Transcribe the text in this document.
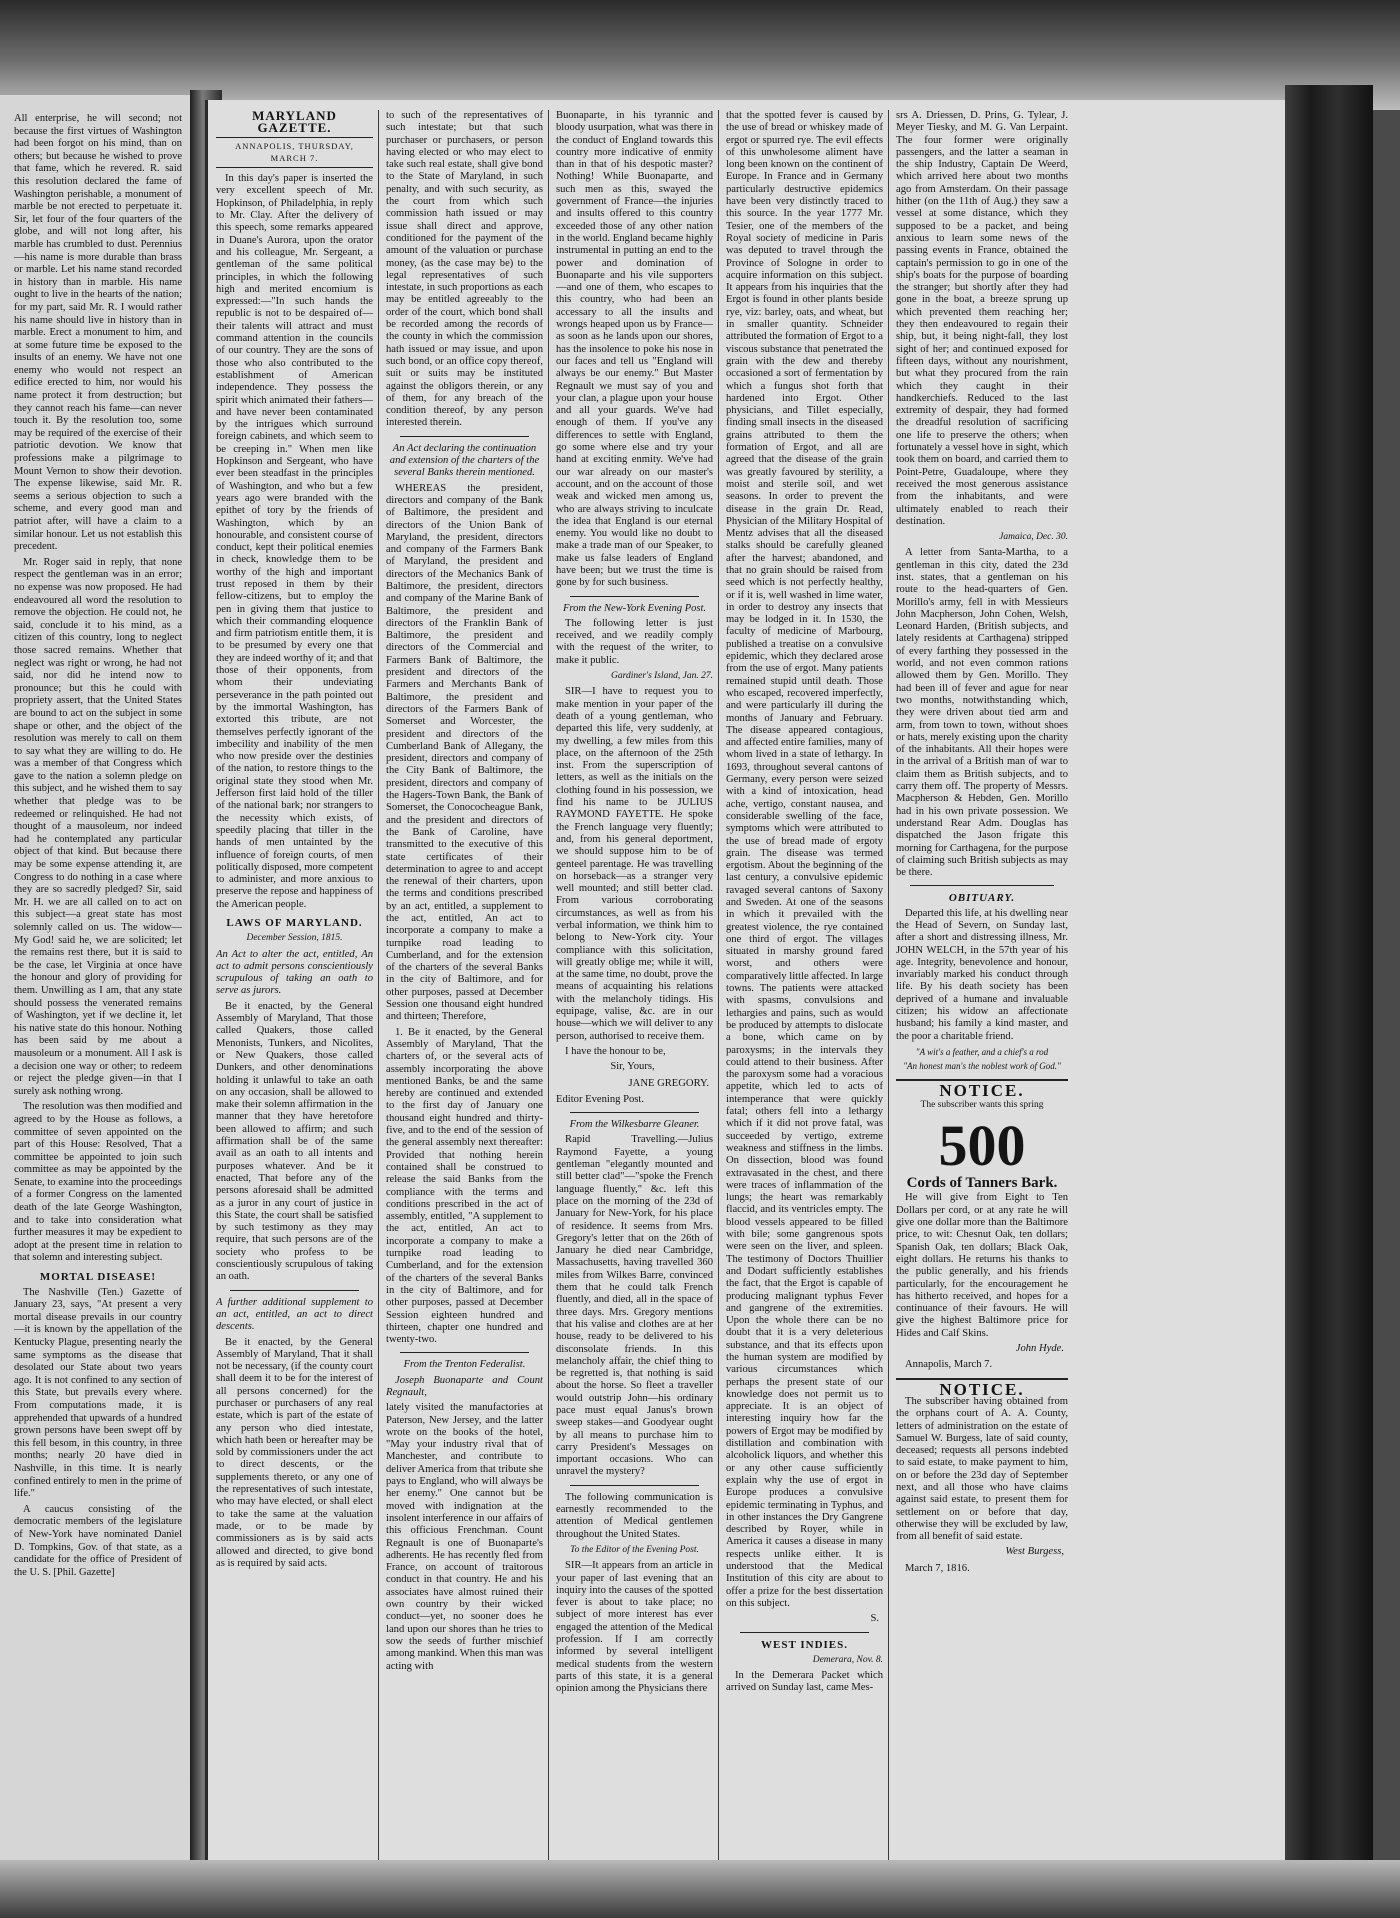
All enterprise, he will second; not because the first virtues of Washington had been forgot on his mind, than on others; but because he wished to prove that fame, which he revered. R. said this resolution declared the fame of Washington perishable, a monument of marble be not erected to perpetuate it. Sir, let four of the four quarters of the globe, and will not long after, his marble has crumbled to dust. Perennius—his name is more durable than brass or marble. Let his name stand recorded in history than in marble. His name ought to live in the hearts of the nation; for my part, said Mr. R. I would rather his name should live in history than in marble. Erect a monument to him, and at some future time be exposed to the insults of an enemy. We have not one enemy who would not respect an edifice erected to him, nor would his name protect it from destruction; but they cannot reach his fame—can never touch it. By the resolution too, some may be required of the exercise of their patriotic devotion. We know that professions make a pilgrimage to Mount Vernon to show their devotion. The expense likewise, said Mr. R. seems a serious objection to such a scheme, and every good man and patriot after, will have a claim to a similar honour. Let us not establish this precedent.

Mr. Roger said in reply, that none respect the gentleman was in an error; no expense was now proposed. He had endeavoured all word the resolution to remove the objection. He could not, he said, conclude it to his mind, as a citizen of this country, long to neglect those sacred remains. Whether that neglect was right or wrong, he had not said, nor did he intend now to pronounce; but this he could with propriety assert, that the United States are bound to act on the subject in some shape or other, and the object of the resolution was merely to call on them to say what they are willing to do. He was a member of that Congress which gave to the nation a solemn pledge on this subject, and he wished them to say whether that pledge was to be redeemed or relinquished. He had not thought of a mausoleum, nor indeed had he contemplated any particular object of that kind. But because there may be some expense attending it, are Congress to do nothing in a case where they are so sacredly pledged? Sir, said Mr. H. we are all called on to act on this subject—a great state has most solemnly called on us. The widow—My God! said he, we are solicited; let the remains rest there, but it is said to be the case, let Virginia at once have the honour and glory of providing for them. Unwilling as I am, that any state should possess the venerated remains of Washington, yet if we decline it, let his native state do this honour. Nothing has been said by me about a mausoleum or a monument. All I ask is a decision one way or other; to redeem or reject the pledge given—in that I surely ask nothing wrong.

The resolution was then modified and agreed to by the House as follows, a committee of seven appointed on the part of this House: Resolved, That a committee be appointed to join such committee as may be appointed by the Senate, to examine into the proceedings of a former Congress on the lamented death of the late George Washington, and to take into consideration what further measures it may be expedient to adopt at the present time in relation to that solemn and interesting subject.

MORTAL DISEASE!

The Nashville (Ten.) Gazette of January 23, says, "At present a very mortal disease prevails in our country—it is known by the appellation of the Kentucky Plague, presenting nearly the same symptoms as the disease that desolated our State about two years ago. It is not confined to any section of this State, but prevails every where. From computations made, it is apprehended that upwards of a hundred grown persons have been swept off by this fell besom, in this country, in three months; nearly 20 have died in Nashville, in this time. It is nearly confined entirely to men in the prime of life."

A caucus consisting of the democratic members of the legislature of New-York have nominated Daniel D. Tompkins, Gov. of that state, as a candidate for the office of President of the U. S. [Phil. Gazette]

MARYLAND GAZETTE.
ANNAPOLIS, THURSDAY, MARCH 7.

In this day's paper is inserted the very excellent speech of Mr. Hopkinson, of Philadelphia, in reply to Mr. Clay. After the delivery of this speech, some remarks appeared in Duane's Aurora, upon the orator and his colleague, Mr. Sergeant, a gentleman of the same political principles, in which the following high and merited encomium is expressed:—"In such hands the republic is not to be despaired of—their talents will attract and must command attention in the councils of our country. They are the sons of those who also contributed to the establishment of American independence. They possess the spirit which animated their fathers—and have never been contaminated by the intrigues which surround foreign cabinets, and which seem to be creeping in." When men like Hopkinson and Sergeant, who have ever been steadfast in the principles of Washington, and who but a few years ago were branded with the epithet of tory by the friends of Washington, which by an honourable, and consistent course of conduct, kept their political enemies in check, knowledge them to be worthy of the high and important trust reposed in them by their fellow-citizens, but to employ the pen in giving them that justice to which their commanding eloquence and firm patriotism entitle them, it is to be presumed by every one that they are indeed worthy of it; and that those of their opponents, from whom their undeviating perseverance in the path pointed out by the immortal Washington, has extorted this tribute, are not themselves perfectly ignorant of the imbecility and inability of the men who now preside over the destinies of the nation, to restore things to the original state they stood when Mr. Jefferson first laid hold of the tiller of the national bark; nor strangers to the necessity which exists, of speedily placing that tiller in the hands of men untainted by the influence of foreign courts, of men politically disposed, more competent to administer, and more anxious to preserve the repose and happiness of the American people.

LAWS OF MARYLAND.
December Session, 1815.

An Act to alter the act, entitled, An act to admit persons conscientiously scrupulous of taking an oath to serve as jurors.

Be it enacted, by the General Assembly of Maryland, That those called Quakers, those called Menonists, Tunkers, and Nicolites, or New Quakers, those called Dunkers, and other denominations holding it unlawful to take an oath on any occasion, shall be allowed to make their solemn affirmation in the manner that they have heretofore been allowed to affirm; and such affirmation shall be of the same avail as an oath to all intents and purposes whatever. And be it enacted, That before any of the persons aforesaid shall be admitted as a juror in any court of justice in this State, the court shall be satisfied by such testimony as they may require, that such persons are of the society who profess to be conscientiously scrupulous of taking an oath.

A further additional supplement to an act, entitled, an act to direct descents.

Be it enacted, by the General Assembly of Maryland, That it shall not be necessary, (if the county court shall deem it to be for the interest of all persons concerned) for the purchaser or purchasers of any real estate, which is part of the estate of any person who died intestate, which hath been or hereafter may be sold by commissioners under the act to direct descents, or the supplements thereto, or any one of the representatives of such intestate, who may have elected, or shall elect to take the same at the valuation made, or to be made by commissioners as is by said acts allowed and directed, to give bond as is required by said acts.

to such of the representatives of such intestate; but that such purchaser or purchasers, or person having elected or who may elect to take such real estate, shall give bond to the State of Maryland, in such penalty, and with such security, as the court from which such commission hath issued or may issue shall direct and approve, conditioned for the payment of the amount of the valuation or purchase money, (as the case may be) to the legal representatives of such intestate, in such proportions as each may be entitled agreeably to the order of the court, which bond shall be recorded among the records of the county in which the commission hath issued or may issue, and upon such bond, or an office copy thereof, suit or suits may be instituted against the obligors therein, or any of them, for any breach of the condition thereof, by any person interested therein.

An Act declaring the continuation and extension of the charters of the several Banks therein mentioned.

WHEREAS the president, directors and company of the Bank of Baltimore, the president and directors of the Union Bank of Maryland, the president, directors and company of the Farmers Bank of Maryland, the president and directors of the Mechanics Bank of Baltimore, the president, directors and company of the Marine Bank of Baltimore, the president and directors of the Franklin Bank of Baltimore, the president and directors of the Commercial and Farmers Bank of Baltimore, the president and directors of the Farmers and Merchants Bank of Baltimore, the president and directors of the Farmers Bank of Somerset and Worcester, the president and directors of the Cumberland Bank of Allegany, the president, directors and company of the City Bank of Baltimore, the president, directors and company of the Hagers-Town Bank, the Bank of Somerset, the Conococheague Bank, and the president and directors of the Bank of Caroline, have transmitted to the executive of this state certificates of their determination to agree to and accept the renewal of their charters, upon the terms and conditions prescribed by an act, entitled, a supplement to the act, entitled, An act to incorporate a company to make a turnpike road leading to Cumberland, and for the extension of the charters of the several Banks in the city of Baltimore, and for other purposes, passed at December Session one thousand eight hundred and thirteen; Therefore,

1. Be it enacted, by the General Assembly of Maryland, That the charters of, or the several acts of assembly incorporating the above mentioned Banks, be and the same hereby are continued and extended to the first day of January one thousand eight hundred and thirty-five, and to the end of the session of the general assembly next thereafter: Provided that nothing herein contained shall be construed to release the said Banks from the compliance with the terms and conditions prescribed in the act of assembly, entitled, "A supplement to the act, entitled, An act to incorporate a company to make a turnpike road leading to Cumberland, and for the extension of the charters of the several Banks in the city of Baltimore, and for other purposes, passed at December Session eighteen hundred and thirteen, chapter one hundred and twenty-two.

From the Trenton Federalist.

Joseph Buonaparte and Count Regnault,

lately visited the manufactories at Paterson, New Jersey, and the latter wrote on the books of the hotel, "May your industry rival that of Manchester, and contribute to deliver America from that tribute she pays to England, who will always be her enemy." One cannot but be moved with indignation at the insolent interference in our affairs of this officious Frenchman. Count Regnault is one of Buonaparte's adherents. He has recently fled from France, on account of traitorous conduct in that country. He and his associates have almost ruined their own country by their wicked conduct—yet, no sooner does he land upon our shores than he tries to sow the seeds of further mischief among mankind. When this man was acting with

Buonaparte, in his tyrannic and bloody usurpation, what was there in the conduct of England towards this country more indicative of enmity than in that of his despotic master? Nothing! While Buonaparte, and such men as this, swayed the government of France—the injuries and insults offered to this country exceeded those of any other nation in the world. England became highly instrumental in putting an end to the power and domination of Buonaparte and his vile supporters—and one of them, who escapes to this country, who had been an accessary to all the insults and wrongs heaped upon us by France—as soon as he lands upon our shores, has the insolence to poke his nose in our faces and tell us "England will always be our enemy." But Master Regnault we must say of you and your clan, a plague upon your house and all your guards. We've had enough of them. If you've any differences to settle with England, go some where else and try your hand at exciting enmity. We've had our war already on our master's account, and on the account of those weak and wicked men among us, who are always striving to inculcate the idea that England is our eternal enemy. You would like no doubt to make a trade man of our Speaker, to make us false leaders of England have been; but we trust the time is gone by for such business.

From the New-York Evening Post.

The following letter is just received, and we readily comply with the request of the writer, to make it public.

Gardiner's Island, Jan. 27.

SIR—I have to request you to make mention in your paper of the death of a young gentleman, who departed this life, very suddenly, at my dwelling, a few miles from this place, on the afternoon of the 25th inst. From the superscription of letters, as well as the initials on the clothing found in his possession, we find his name to be JULIUS RAYMOND FAYETTE. He spoke the French language very fluently; and, from his general deportment, we should suppose him to be of genteel parentage. He was travelling on horseback—as a stranger very well mounted; and still better clad. From various corroborating circumstances, as well as from his verbal information, we think him to belong to New-York city. Your compliance with this solicitation, will greatly oblige me; while it will, at the same time, no doubt, prove the means of acquainting his relations with the melancholy tidings. His equipage, valise, &c. are in our house—which we will deliver to any person, authorised to receive them.

I have the honour to be,

Sir, Yours,
JANE GREGORY.

Editor Evening Post.

From the Wilkesbarre Gleaner.

Rapid Travelling.—Julius Raymond Fayette, a young gentleman "elegantly mounted and still better clad"—"spoke the French language fluently," &c. left this place on the morning of the 23d of January for New-York, for his place of residence. It seems from Mrs. Gregory's letter that on the 26th of January he died near Cambridge, Massachusetts, having travelled 360 miles from Wilkes Barre, convinced them that he could talk French fluently, and died, all in the space of three days. Mrs. Gregory mentions that his valise and clothes are at her house, ready to be delivered to his disconsolate friends. In this melancholy affair, the chief thing to be regretted is, that nothing is said about the horse. So fleet a traveller would outstrip John—his ordinary pace must equal Janus's brown sweep stakes—and Goodyear ought by all means to purchase him to carry President's Messages on important occasions. Who can unravel the mystery?

The following communication is earnestly recommended to the attention of Medical gentlemen throughout the United States.

To the Editor of the Evening Post.

SIR—It appears from an article in your paper of last evening that an inquiry into the causes of the spotted fever is about to take place; no subject of more interest has ever engaged the attention of the Medical profession. If I am correctly informed by several intelligent medical students from the western parts of this state, it is a general opinion among the Physicians there

that the spotted fever is caused by the use of bread or whiskey made of ergot or spurred rye. The evil effects of this unwholesome aliment have long been known on the continent of Europe. In France and in Germany particularly destructive epidemics have been very distinctly traced to this source. In the year 1777 Mr. Tesier, one of the members of the Royal society of medicine in Paris was deputed to travel through the Province of Sologne in order to acquire information on this subject. It appears from his inquiries that the Ergot is found in other plants beside rye, viz: barley, oats, and wheat, but in smaller quantity. Schneider attributed the formation of Ergot to a viscous substance that penetrated the grain with the dew and thereby occasioned a sort of fermentation by which a fungus shot forth that hardened into Ergot. Other physicians, and Tillet especially, finding small insects in the diseased grains attributed to them the formation of Ergot, and all are agreed that the disease of the grain was greatly favoured by sterility, a moist and sterile soil, and wet seasons. In order to prevent the disease in the grain Dr. Read, Physician of the Military Hospital of Mentz advises that all the diseased stalks should be carefully gleaned after the harvest; abandoned, and that no grain should be raised from seed which is not perfectly healthy, or if it is, well washed in lime water, in order to destroy any insects that may be lodged in it. In 1530, the faculty of medicine of Marbourg, published a treatise on a convulsive epidemic, which they declared arose from the use of ergot. Many patients remained stupid until death. Those who escaped, recovered imperfectly, and were particularly ill during the months of January and February. The disease appeared contagious, and affected entire families, many of whom lived in a state of lethargy. In 1693, throughout several cantons of Germany, every person were seized with a kind of intoxication, head ache, vertigo, constant nausea, and considerable swelling of the face, symptoms which were attributed to the use of bread made of ergoty grain. The disease was termed ergotism. About the beginning of the last century, a convulsive epidemic ravaged several cantons of Saxony and Sweden. At one of the seasons in which it prevailed with the greatest violence, the rye contained one third of ergot. The villages situated in marshy ground fared worst, and others were comparatively little affected. In large towns. The patients were attacked with spasms, convulsions and lethargies and pains, such as would be produced by attempts to dislocate a bone, which came on by paroxysms; in the intervals they could attend to their business. After the paroxysm some had a voracious appetite, which led to acts of intemperance that were quickly fatal; others fell into a lethargy which if it did not prove fatal, was succeeded by vertigo, extreme weakness and stiffness in the limbs. On dissection, blood was found extravasated in the chest, and there were traces of inflammation of the lungs; the heart was remarkably flaccid, and its ventricles empty. The blood vessels appeared to be filled with bile; some gangrenous spots were seen on the liver, and spleen. The testimony of Doctors Thuillier and Dodart sufficiently establishes the fact, that the Ergot is capable of producing malignant typhus Fever and gangrene of the extremities. Upon the whole there can be no doubt that it is a very deleterious substance, and that its effects upon the human system are modified by various circumstances which perhaps the present state of our knowledge does not permit us to appreciate. It is an object of interesting inquiry how far the powers of Ergot may be modified by distillation and combination with alcoholick liquors, and whether this or any other cause sufficiently explain why the use of ergot in Europe produces a convulsive epidemic terminating in Typhus, and in other instances the Dry Gangrene described by Royer, while in America it causes a disease in many respects unlike either. It is understood that the Medical Institution of this city are about to offer a prize for the best dissertation on this subject.

S.
WEST INDIES.
Demerara, Nov. 8.

In the Demerara Packet which arrived on Sunday last, came Mes-

srs A. Driessen, D. Prins, G. Tylear, J. Meyer Tiesky, and M. G. Van Lerpaint. The four former were originally passengers, and the latter a seaman in the ship Industry, Captain De Weerd, which arrived here about two months ago from Amsterdam. On their passage hither (on the 11th of Aug.) they saw a vessel at some distance, which they supposed to be a packet, and being anxious to learn some news of the passing events in France, obtained the captain's permission to go in one of the ship's boats for the purpose of boarding the stranger; but shortly after they had gone in the boat, a breeze sprung up which prevented them reaching her; they then endeavoured to regain their ship, but, it being night-fall, they lost sight of her; and continued exposed for fifteen days, without any nourishment, but what they procured from the rain which they caught in their handkerchiefs. Reduced to the last extremity of despair, they had formed the dreadful resolution of sacrificing one life to preserve the others; when fortunately a vessel hove in sight, which took them on board, and carried them to Point-Petre, Guadaloupe, where they received the most generous assistance from the inhabitants, and were ultimately enabled to reach their destination.

Jamaica, Dec. 30.

A letter from Santa-Martha, to a gentleman in this city, dated the 23d inst. states, that a gentleman on his route to the head-quarters of Gen. Morillo's army, fell in with Messieurs John Macpherson, John Cohen, Welsh, Leonard Harden, (British subjects, and lately residents at Carthagena) stripped of every farthing they possessed in the world, and not even common rations allowed them by Gen. Morillo. They had been ill of fever and ague for near two months, notwithstanding which, they were driven about tied arm and arm, from town to town, without shoes or hats, merely existing upon the charity of the inhabitants. All their hopes were in the arrival of a British man of war to claim them as British subjects, and to carry them off. The property of Messrs. Macpherson & Hebden, Gen. Morillo had in his own private possession. We understand Rear Adm. Douglas has dispatched the Jason frigate this morning for Carthagena, for the purpose of claiming such British subjects as may be there.

OBITUARY.

Departed this life, at his dwelling near the Head of Severn, on Sunday last, after a short and distressing illness, Mr. JOHN WELCH, in the 57th year of his age. Integrity, benevolence and honour, invariably marked his conduct through life. By his death society has been deprived of a humane and invaluable citizen; his widow an affectionate husband; his family a kind master, and the poor a charitable friend.

"A wit's a feather, and a chief's a rod
"An honest man's the noblest work of God."
NOTICE.
The subscriber wants this spring
500
Cords of Tanners Bark.

He will give from Eight to Ten Dollars per cord, or at any rate he will give one dollar more than the Baltimore price, to wit: Chesnut Oak, ten dollars; Spanish Oak, ten dollars; Black Oak, eight dollars. He returns his thanks to the public generally, and his friends particularly, for the encouragement he has hitherto received, and hopes for a continuance of their favours. He will give the highest Baltimore price for Hides and Calf Skins.

John Hyde.

Annapolis, March 7.

NOTICE.

The subscriber having obtained from the orphans court of A. A. County, letters of administration on the estate of Samuel W. Burgess, late of said county, deceased; requests all persons indebted to said estate, to make payment to him, on or before the 23d day of September next, and all those who have claims against said estate, to present them for settlement on or before that day, otherwise they will be excluded by law, from all benefit of said estate.

West Burgess,

March 7, 1816.
